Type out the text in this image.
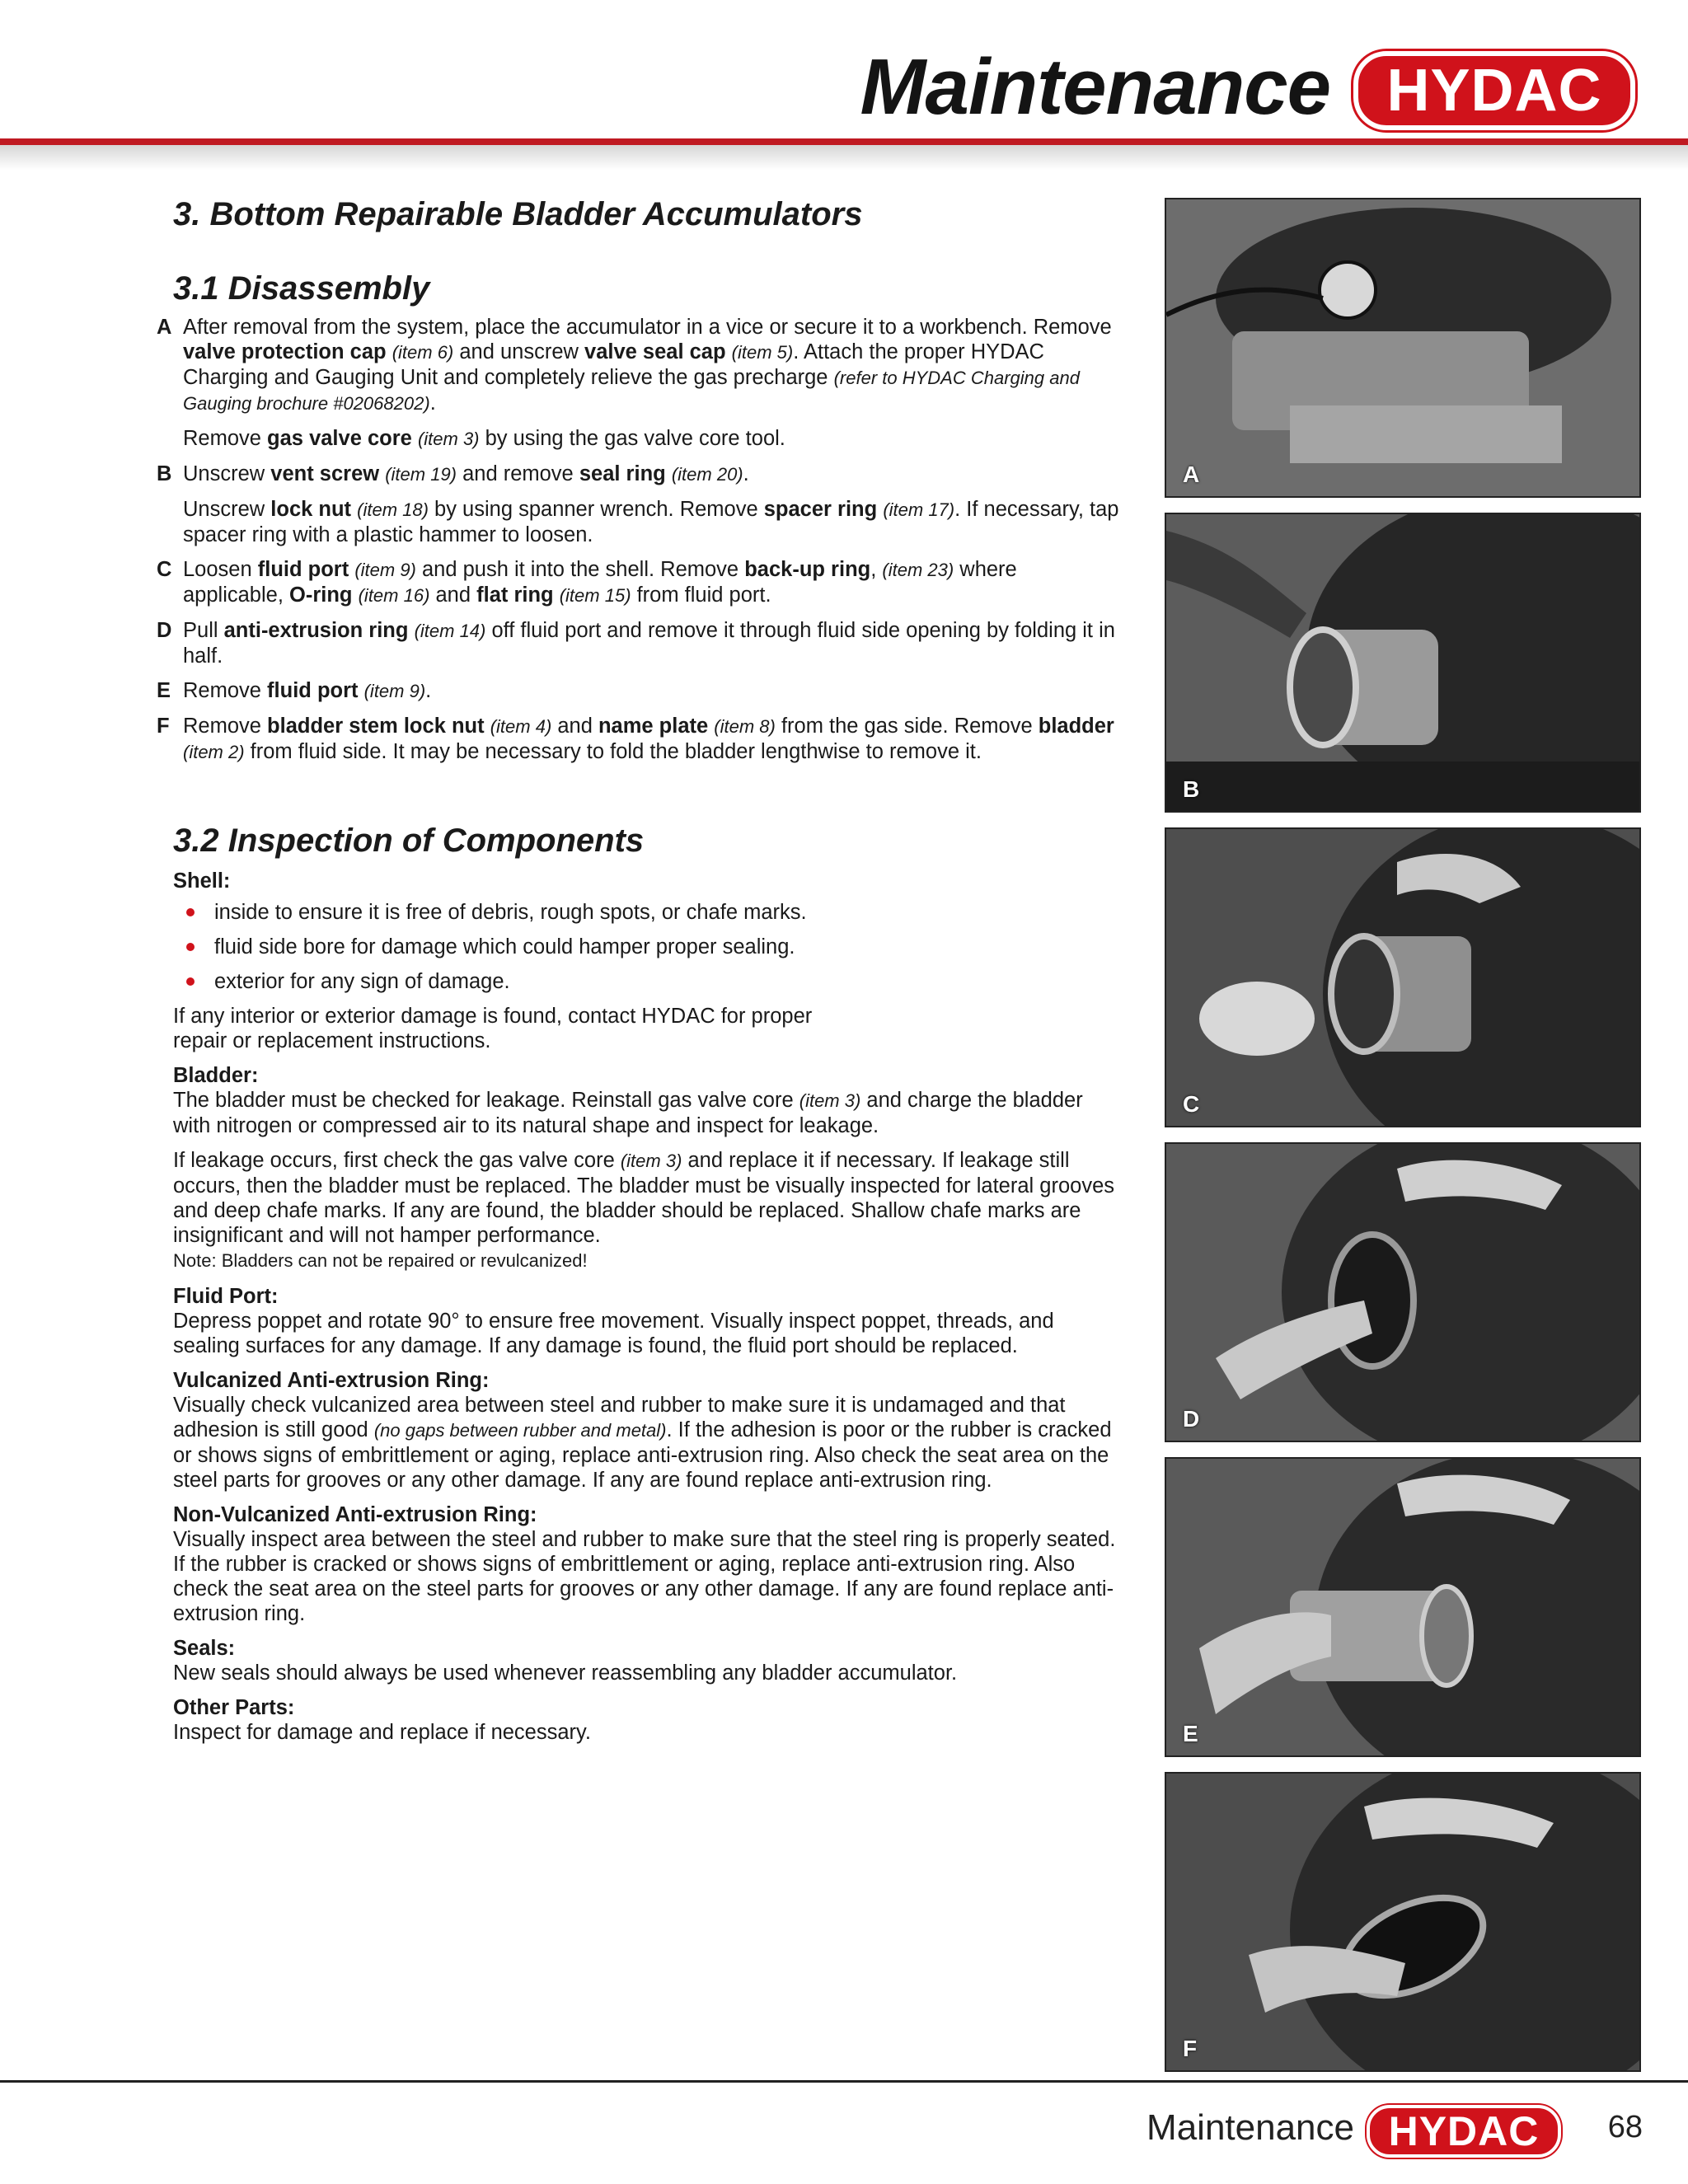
Maintenance HYDAC
3. Bottom Repairable Bladder Accumulators
3.1 Disassembly
A After removal from the system, place the accumulator in a vice or secure it to a workbench. Remove valve protection cap (item 6) and unscrew valve seal cap (item 5). Attach the proper HYDAC Charging and Gauging Unit and completely relieve the gas precharge (refer to HYDAC Charging and Gauging brochure #02068202).

Remove gas valve core (item 3) by using the gas valve core tool.

B Unscrew vent screw (item 19) and remove seal ring (item 20).

Unscrew lock nut (item 18) by using spanner wrench. Remove spacer ring (item 17). If necessary, tap spacer ring with a plastic hammer to loosen.

C Loosen fluid port (item 9) and push it into the shell. Remove back-up ring, (item 23) where applicable, O-ring (item 16) and flat ring (item 15) from fluid port.

D Pull anti-extrusion ring (item 14) off fluid port and remove it through fluid side opening by folding it in half.

E Remove fluid port (item 9).

F Remove bladder stem lock nut (item 4) and name plate (item 8) from the gas side. Remove bladder (item 2) from fluid side. It may be necessary to fold the bladder lengthwise to remove it.

3.2 Inspection of Components

Shell:

inside to ensure it is free of debris, rough spots, or chafe marks.
fluid side bore for damage which could hamper proper sealing.
exterior for any sign of damage.

If any interior or exterior damage is found, contact HYDAC for proper repair or replacement instructions.

Bladder:

The bladder must be checked for leakage. Reinstall gas valve core (item 3) and charge the bladder with nitrogen or compressed air to its natural shape and inspect for leakage.

If leakage occurs, first check the gas valve core (item 3) and replace it if necessary. If leakage still occurs, then the bladder must be replaced. The bladder must be visually inspected for lateral grooves and deep chafe marks. If any are found, the bladder should be replaced. Shallow chafe marks are insignificant and will not hamper performance.

Note: Bladders can not be repaired or revulcanized!

Fluid Port:

Depress poppet and rotate 90° to ensure free movement. Visually inspect poppet, threads, and sealing surfaces for any damage. If any damage is found, the fluid port should be replaced.

Vulcanized Anti-extrusion Ring:

Visually check vulcanized area between steel and rubber to make sure it is undamaged and that adhesion is still good (no gaps between rubber and metal). If the adhesion is poor or the rubber is cracked or shows signs of embrittlement or aging, replace anti-extrusion ring. Also check the seat area on the steel parts for grooves or any other damage. If any are found replace anti-extrusion ring.

Non-Vulcanized Anti-extrusion Ring:

Visually inspect area between the steel and rubber to make sure that the steel ring is properly seated. If the rubber is cracked or shows signs of embrittlement or aging, replace anti-extrusion ring. Also check the seat area on the steel parts for grooves or any other damage. If any are found replace anti-extrusion ring.

Seals:

New seals should always be used whenever reassembling any bladder accumulator.

Other Parts:

Inspect for damage and replace if necessary.

A
B
C
D
E
F
Maintenance HYDAC	68
